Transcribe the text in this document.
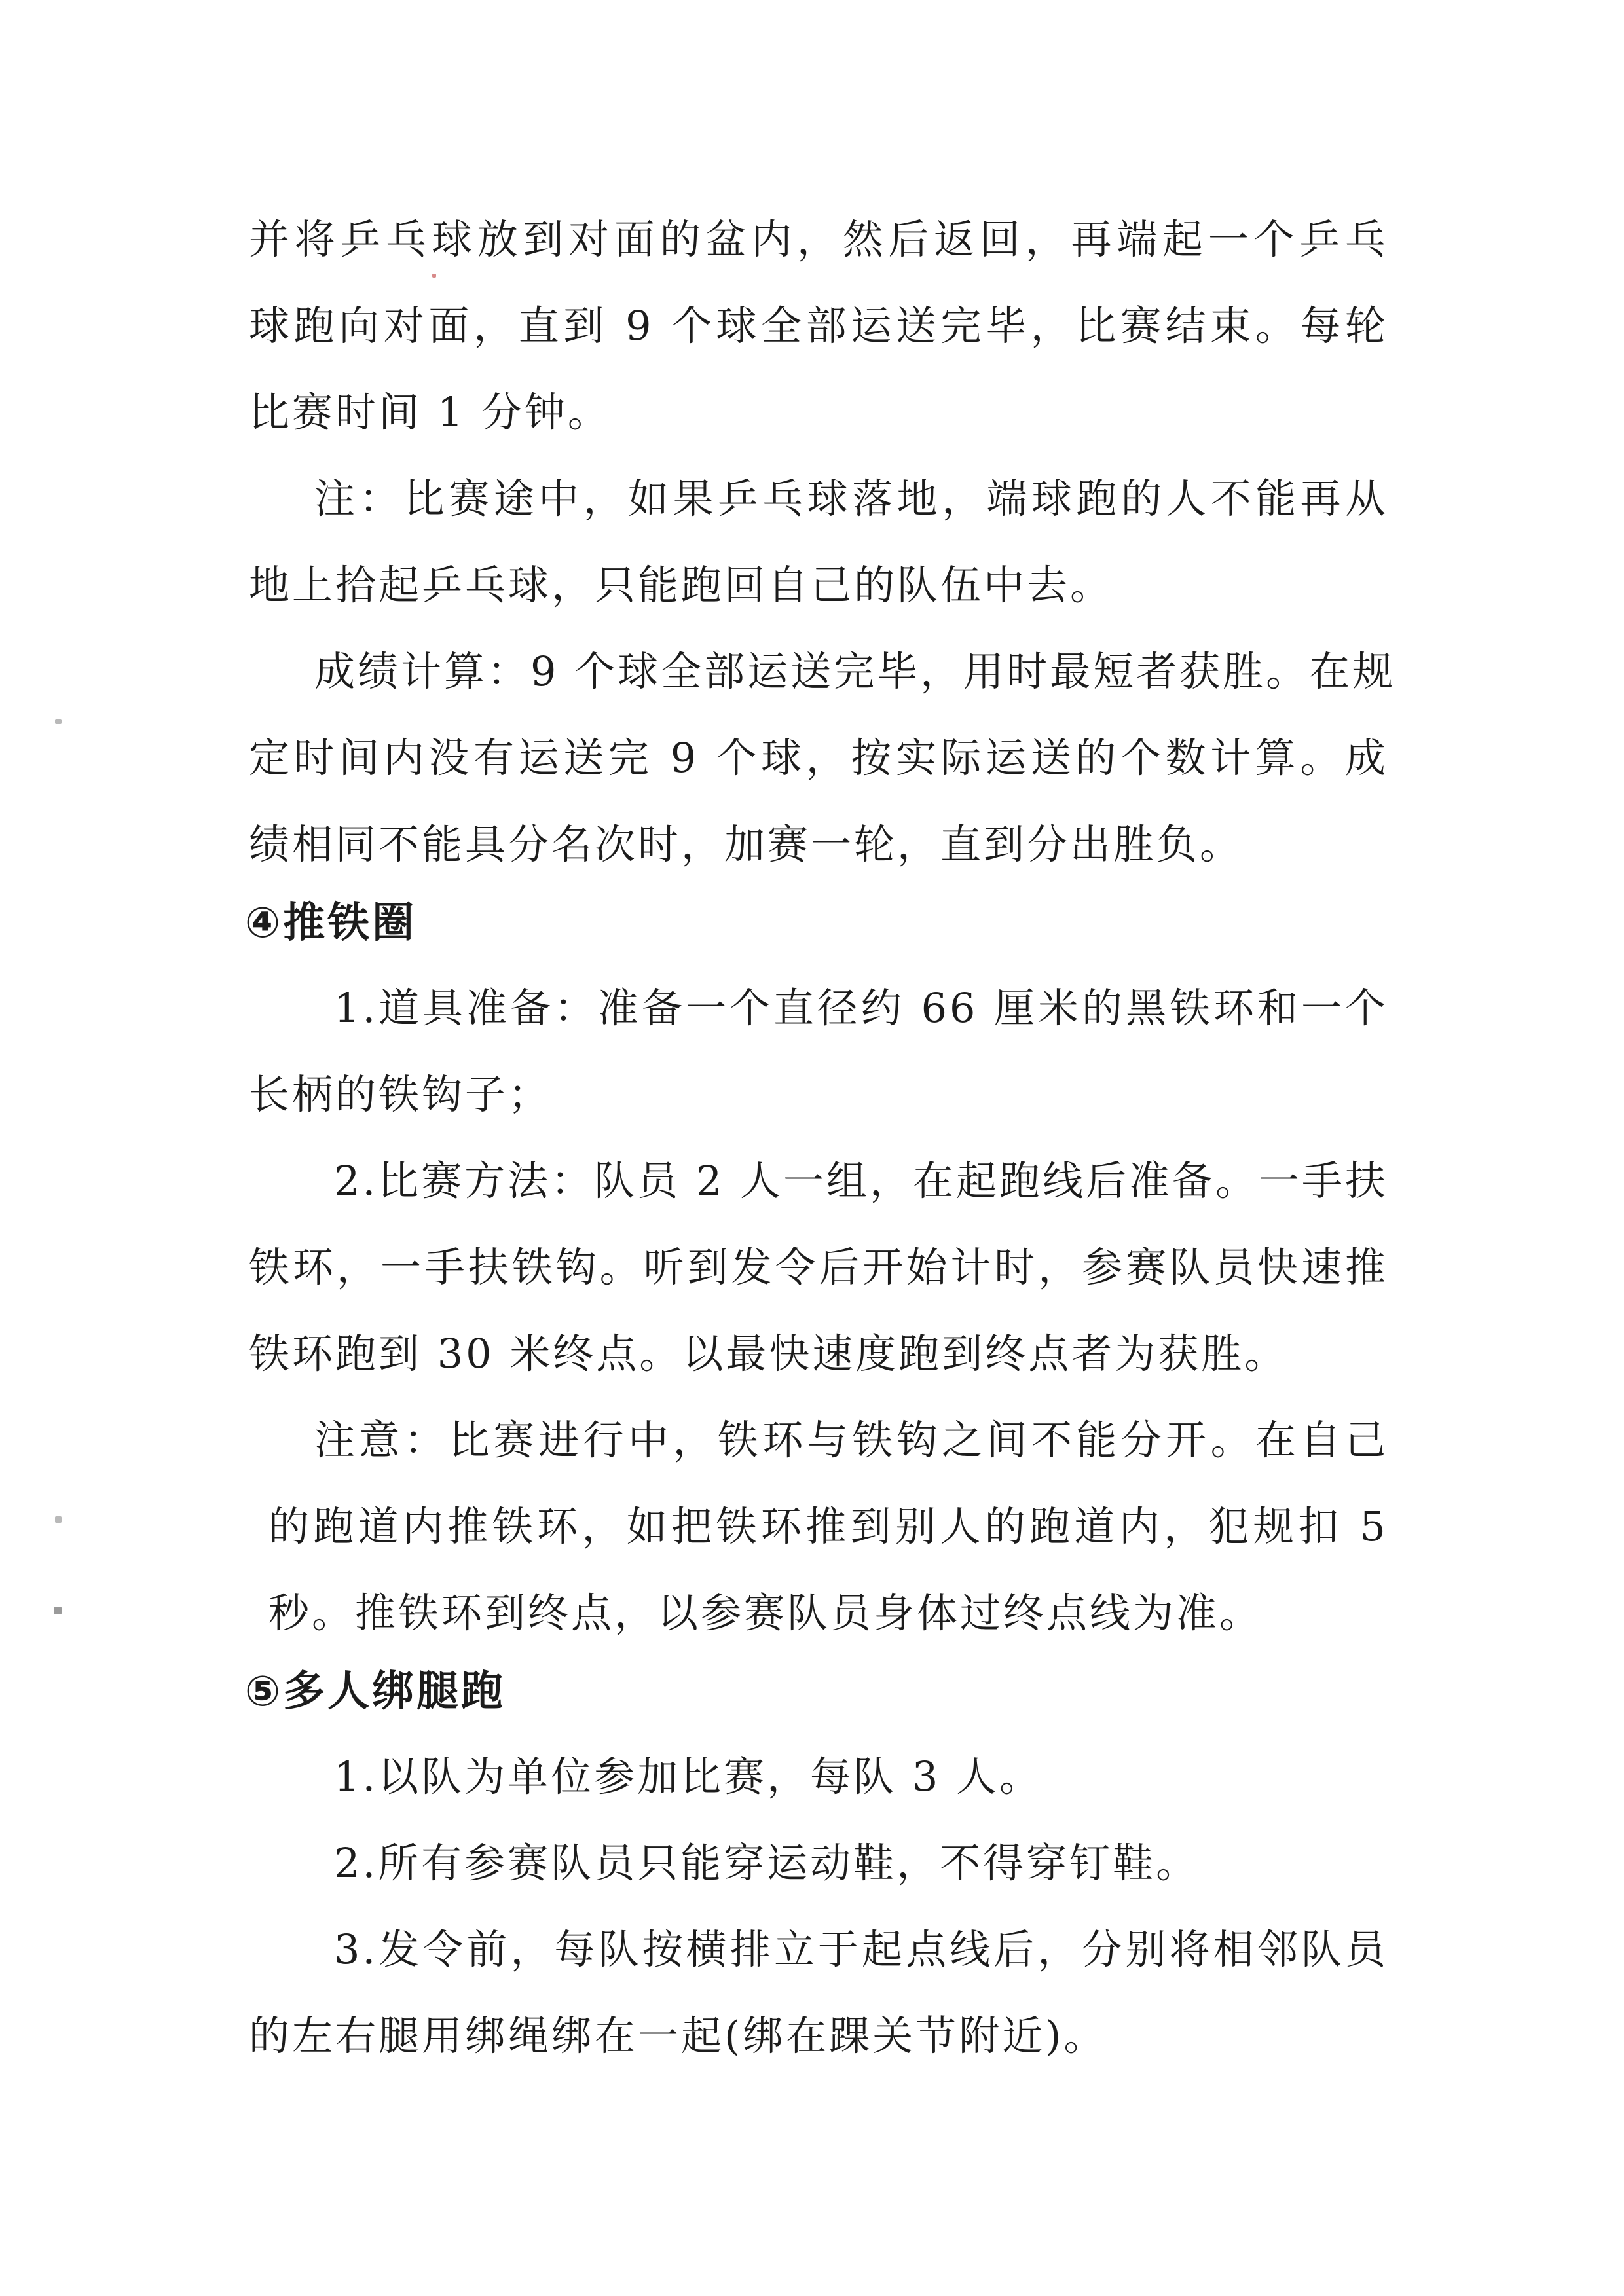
并将乒乓球放到对面的盆内，然后返回，再端起一个乒乓
球跑向对面，直到 9 个球全部运送完毕，比赛结束。每轮
比赛时间 1 分钟。
注：比赛途中，如果乒乓球落地，端球跑的人不能再从
地上拾起乒乓球，只能跑回自己的队伍中去。
成绩计算：9 个球全部运送完毕，用时最短者获胜。在规
定时间内没有运送完 9 个球，按实际运送的个数计算。成
绩相同不能具分名次时，加赛一轮，直到分出胜负。
④推铁圈
1.道具准备：准备一个直径约 66 厘米的黑铁环和一个
长柄的铁钩子；
2.比赛方法：队员 2 人一组，在起跑线后准备。一手扶
铁环，一手扶铁钩。听到发令后开始计时，参赛队员快速推
铁环跑到 30 米终点。以最快速度跑到终点者为获胜。
注意：比赛进行中，铁环与铁钩之间不能分开。在自己
的跑道内推铁环，如把铁环推到别人的跑道内，犯规扣 5
秒。推铁环到终点，以参赛队员身体过终点线为准。
⑤多人绑腿跑
1.以队为单位参加比赛，每队 3 人。
2.所有参赛队员只能穿运动鞋，不得穿钉鞋。
3.发令前，每队按横排立于起点线后，分别将相邻队员
的左右腿用绑绳绑在一起(绑在踝关节附近)。
